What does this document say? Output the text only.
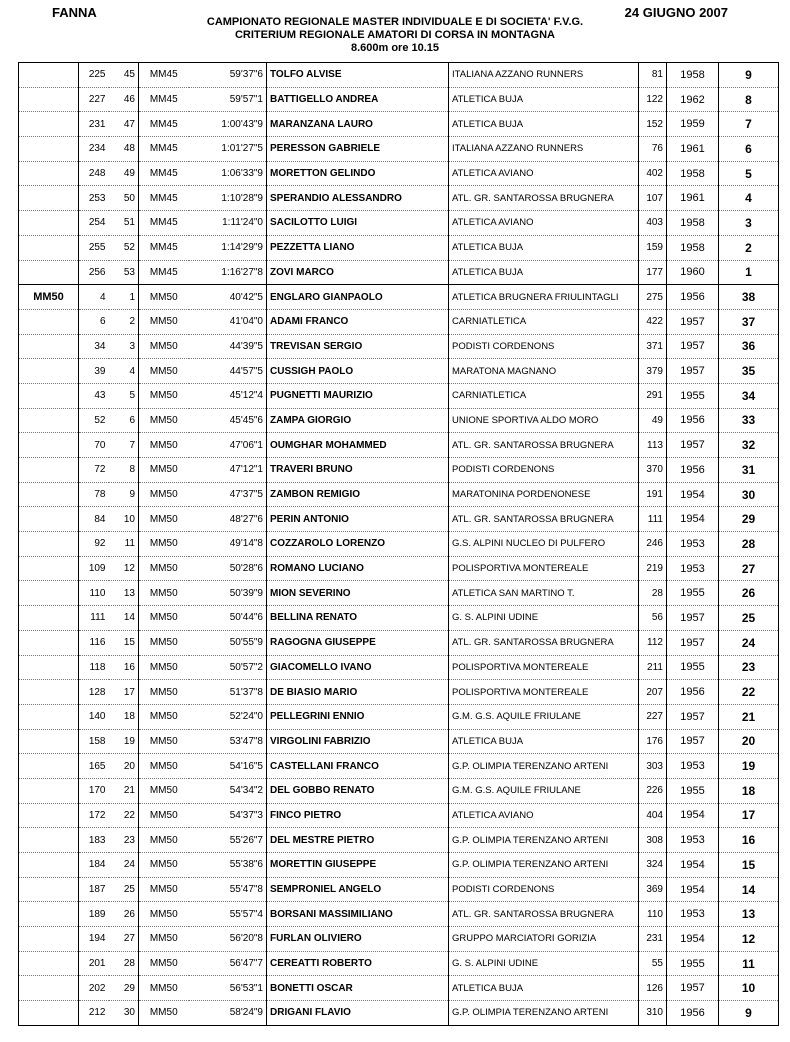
FANNA	24 GIUGNO 2007
CAMPIONATO REGIONALE MASTER INDIVIDUALE E DI SOCIETA' F.V.G.
CRITERIUM REGIONALE AMATORI DI CORSA IN MONTAGNA
8.600m ore 10.15
	225	45	MM45	59'37"6	TOLFO ALVISE	ITALIANA AZZANO RUNNERS	81	1958	9
	227	46	MM45	59'57"1	BATTIGELLO ANDREA	ATLETICA BUJA	122	1962	8
	231	47	MM45	1:00'43"9	MARANZANA LAURO	ATLETICA BUJA	152	1959	7
	234	48	MM45	1:01'27"5	PERESSON GABRIELE	ITALIANA AZZANO RUNNERS	76	1961	6
	248	49	MM45	1:06'33"9	MORETTON GELINDO	ATLETICA AVIANO	402	1958	5
	253	50	MM45	1:10'28"9	SPERANDIO ALESSANDRO	ATL. GR. SANTAROSSA BRUGNERA	107	1961	4
	254	51	MM45	1:11'24"0	SACILOTTO LUIGI	ATLETICA AVIANO	403	1958	3
	255	52	MM45	1:14'29"9	PEZZETTA LIANO	ATLETICA BUJA	159	1958	2
	256	53	MM45	1:16'27"8	ZOVI MARCO	ATLETICA BUJA	177	1960	1
MM50	4	1	MM50	40'42"5	ENGLARO GIANPAOLO	ATLETICA BRUGNERA FRIULINTAGLI	275	1956	38
	6	2	MM50	41'04"0	ADAMI FRANCO	CARNIATLETICA	422	1957	37
	34	3	MM50	44'39"5	TREVISAN SERGIO	PODISTI CORDENONS	371	1957	36
	39	4	MM50	44'57"5	CUSSIGH PAOLO	MARATONA MAGNANO	379	1957	35
	43	5	MM50	45'12"4	PUGNETTI MAURIZIO	CARNIATLETICA	291	1955	34
	52	6	MM50	45'45"6	ZAMPA GIORGIO	UNIONE SPORTIVA ALDO MORO	49	1956	33
	70	7	MM50	47'06"1	OUMGHAR MOHAMMED	ATL. GR. SANTAROSSA BRUGNERA	113	1957	32
	72	8	MM50	47'12"1	TRAVERI BRUNO	PODISTI CORDENONS	370	1956	31
	78	9	MM50	47'37"5	ZAMBON REMIGIO	MARATONINA PORDENONESE	191	1954	30
	84	10	MM50	48'27"6	PERIN ANTONIO	ATL. GR. SANTAROSSA BRUGNERA	111	1954	29
	92	11	MM50	49'14"8	COZZAROLO LORENZO	G.S. ALPINI NUCLEO DI PULFERO	246	1953	28
	109	12	MM50	50'28"6	ROMANO LUCIANO	POLISPORTIVA MONTEREALE	219	1953	27
	110	13	MM50	50'39"9	MION SEVERINO	ATLETICA SAN MARTINO T.	28	1955	26
	111	14	MM50	50'44"6	BELLINA RENATO	G. S. ALPINI UDINE	56	1957	25
	116	15	MM50	50'55"9	RAGOGNA GIUSEPPE	ATL. GR. SANTAROSSA BRUGNERA	112	1957	24
	118	16	MM50	50'57"2	GIACOMELLO IVANO	POLISPORTIVA MONTEREALE	211	1955	23
	128	17	MM50	51'37"8	DE BIASIO MARIO	POLISPORTIVA MONTEREALE	207	1956	22
	140	18	MM50	52'24"0	PELLEGRINI ENNIO	G.M. G.S. AQUILE FRIULANE	227	1957	21
	158	19	MM50	53'47"8	VIRGOLINI FABRIZIO	ATLETICA BUJA	176	1957	20
	165	20	MM50	54'16"5	CASTELLANI FRANCO	G.P. OLIMPIA TERENZANO ARTENI	303	1953	19
	170	21	MM50	54'34"2	DEL GOBBO RENATO	G.M. G.S. AQUILE FRIULANE	226	1955	18
	172	22	MM50	54'37"3	FINCO PIETRO	ATLETICA AVIANO	404	1954	17
	183	23	MM50	55'26"7	DEL MESTRE PIETRO	G.P. OLIMPIA TERENZANO ARTENI	308	1953	16
	184	24	MM50	55'38"6	MORETTIN GIUSEPPE	G.P. OLIMPIA TERENZANO ARTENI	324	1954	15
	187	25	MM50	55'47"8	SEMPRONIEL ANGELO	PODISTI CORDENONS	369	1954	14
	189	26	MM50	55'57"4	BORSANI MASSIMILIANO	ATL. GR. SANTAROSSA BRUGNERA	110	1953	13
	194	27	MM50	56'20"8	FURLAN OLIVIERO	GRUPPO MARCIATORI GORIZIA	231	1954	12
	201	28	MM50	56'47"7	CEREATTI ROBERTO	G. S. ALPINI UDINE	55	1955	11
	202	29	MM50	56'53"1	BONETTI OSCAR	ATLETICA BUJA	126	1957	10
	212	30	MM50	58'24"9	DRIGANI FLAVIO	G.P. OLIMPIA TERENZANO ARTENI	310	1956	9
